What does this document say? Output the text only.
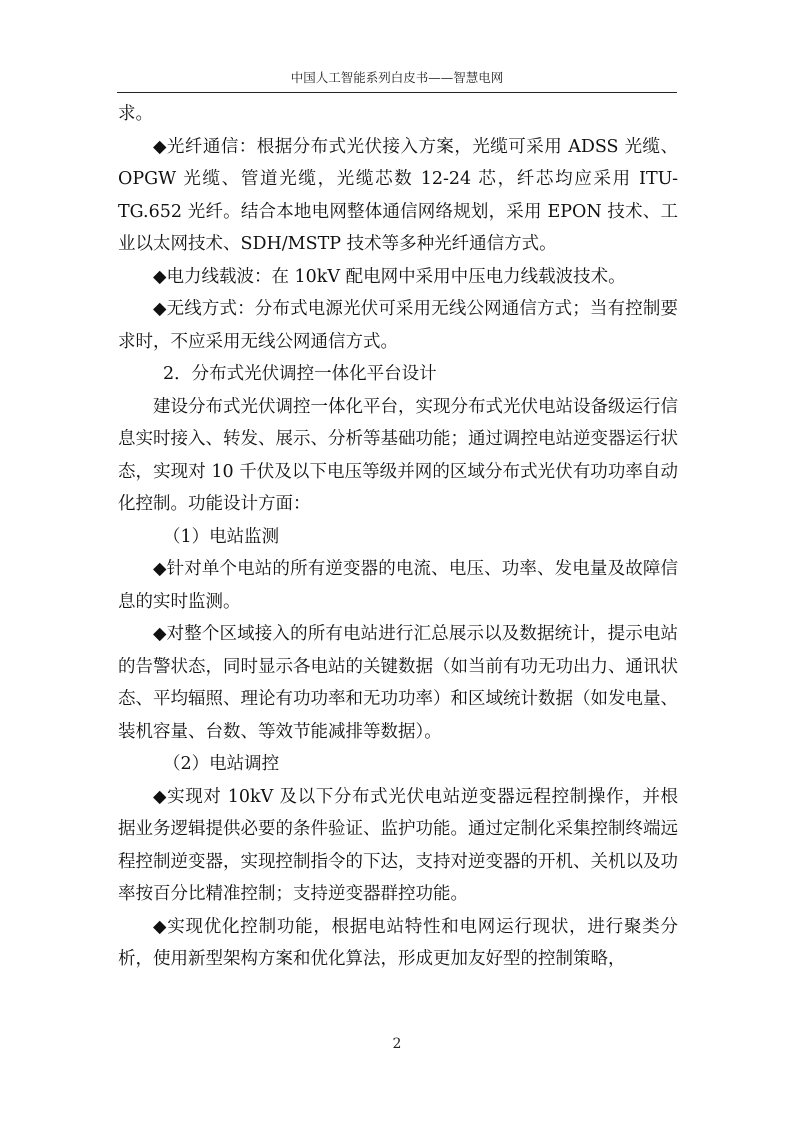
中国人工智能系列白皮书——智慧电网

求。

◆光纤通信：根据分布式光伏接入方案，光缆可采用 ADSS 光缆、OPGW 光缆、管道光缆，光缆芯数 12-24 芯，纤芯均应采用 ITU-TG.652 光纤。结合本地电网整体通信网络规划，采用 EPON 技术、工业以太网技术、SDH/MSTP 技术等多种光纤通信方式。

◆电力线载波：在 10kV 配电网中采用中压电力线载波技术。

◆无线方式：分布式电源光伏可采用无线公网通信方式；当有控制要求时，不应采用无线公网通信方式。

2．分布式光伏调控一体化平台设计

建设分布式光伏调控一体化平台，实现分布式光伏电站设备级运行信息实时接入、转发、展示、分析等基础功能；通过调控电站逆变器运行状态，实现对 10 千伏及以下电压等级并网的区域分布式光伏有功功率自动化控制。功能设计方面：

（1）电站监测

◆针对单个电站的所有逆变器的电流、电压、功率、发电量及故障信息的实时监测。

◆对整个区域接入的所有电站进行汇总展示以及数据统计，提示电站的告警状态，同时显示各电站的关键数据（如当前有功无功出力、通讯状态、平均辐照、理论有功功率和无功功率）和区域统计数据（如发电量、装机容量、台数、等效节能减排等数据）。

（2）电站调控

◆实现对 10kV 及以下分布式光伏电站逆变器远程控制操作，并根据业务逻辑提供必要的条件验证、监护功能。通过定制化采集控制终端远程控制逆变器，实现控制指令的下达，支持对逆变器的开机、关机以及功率按百分比精准控制；支持逆变器群控功能。

◆实现优化控制功能，根据电站特性和电网运行现状，进行聚类分析，使用新型架构方案和优化算法，形成更加友好型的控制策略，

2
